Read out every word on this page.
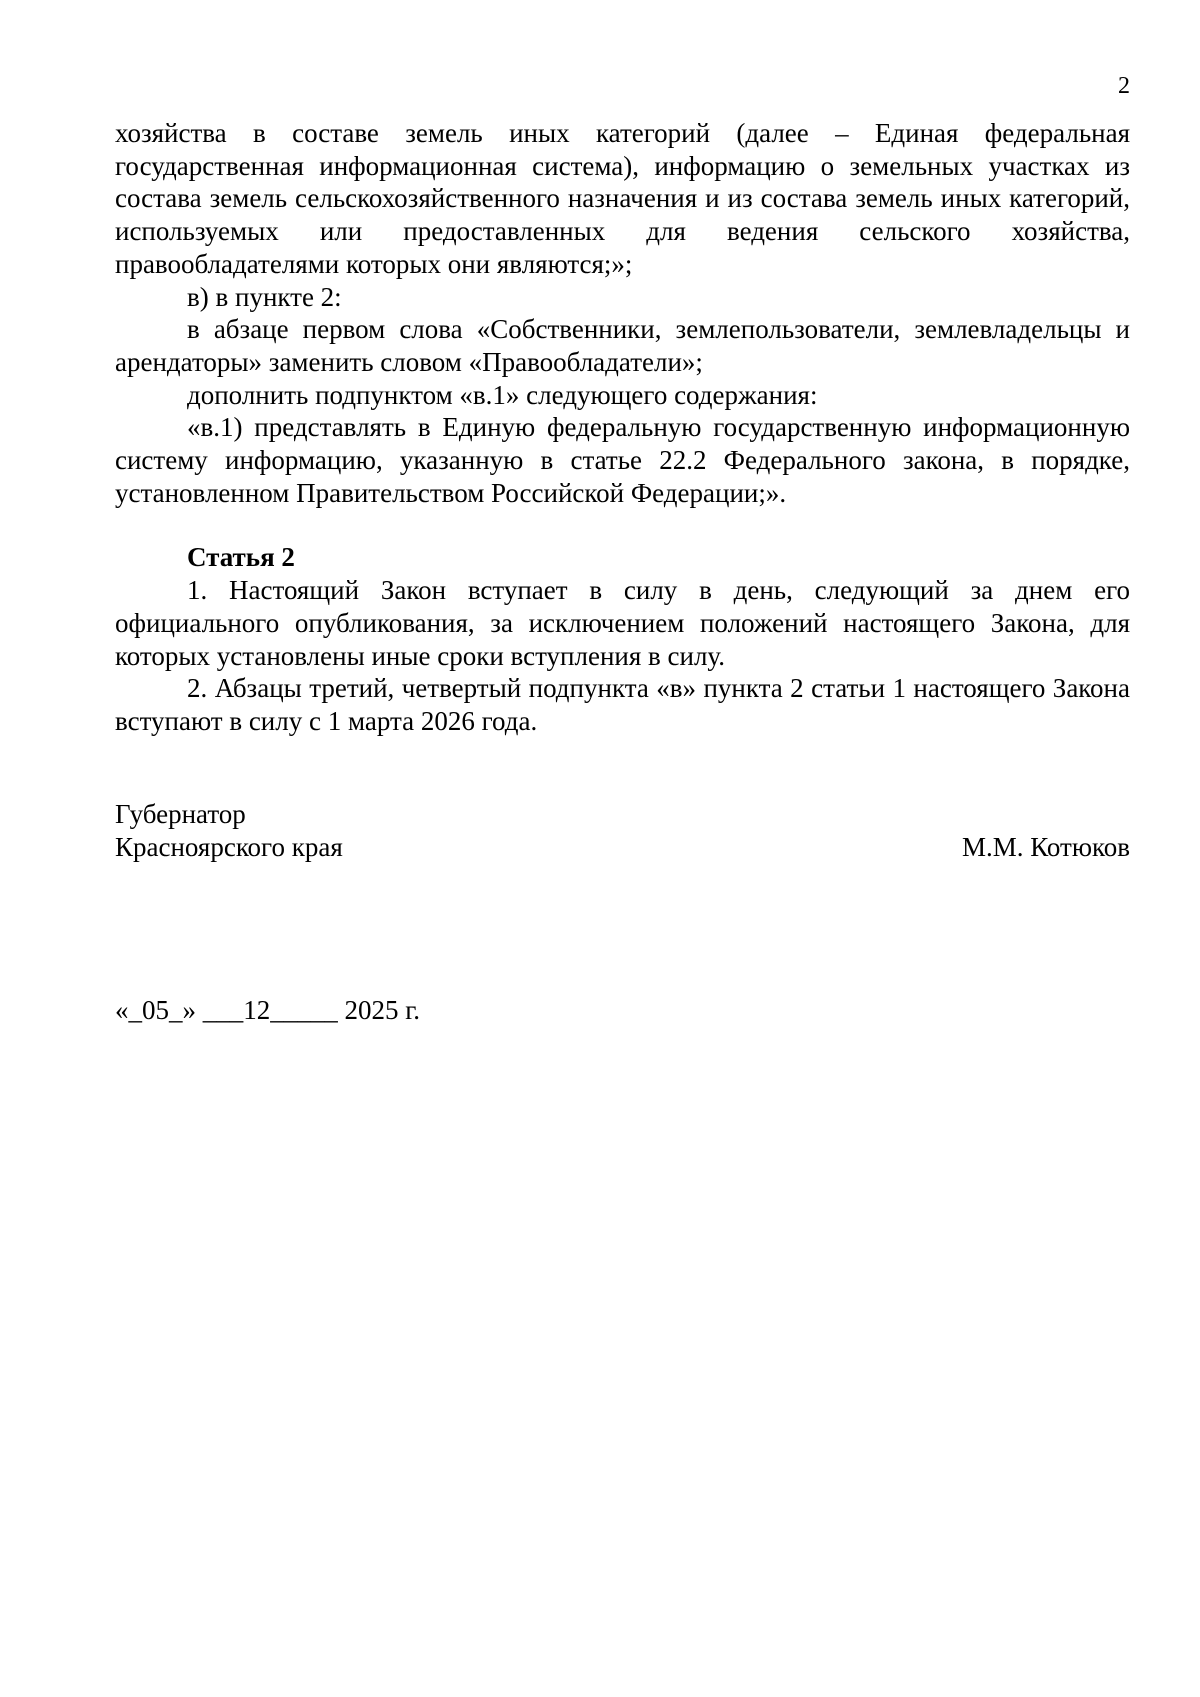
2

хозяйства в составе земель иных категорий (далее – Единая федеральная государственная информационная система), информацию о земельных участках из состава земель сельскохозяйственного назначения и из состава земель иных категорий, используемых или предоставленных для ведения сельского хозяйства, правообладателями которых они являются;»;

в) в пункте 2:

в абзаце первом слова «Собственники, землепользователи, землевладельцы и арендаторы» заменить словом «Правообладатели»;

дополнить подпунктом «в.1» следующего содержания:

«в.1) представлять в Единую федеральную государственную информационную систему информацию, указанную в статье 22.2 Федерального закона, в порядке, установленном Правительством Российской Федерации;».

Статья 2

1. Настоящий Закон вступает в силу в день, следующий за днем его официального опубликования, за исключением положений настоящего Закона, для которых установлены иные сроки вступления в силу.

2. Абзацы третий, четвертый подпункта «в» пункта 2 статьи 1 настоящего Закона вступают в силу с 1 марта 2026 года.

Губернатор
Красноярского края	М.М. Котюков
«_05_» ___12_____ 2025 г.
